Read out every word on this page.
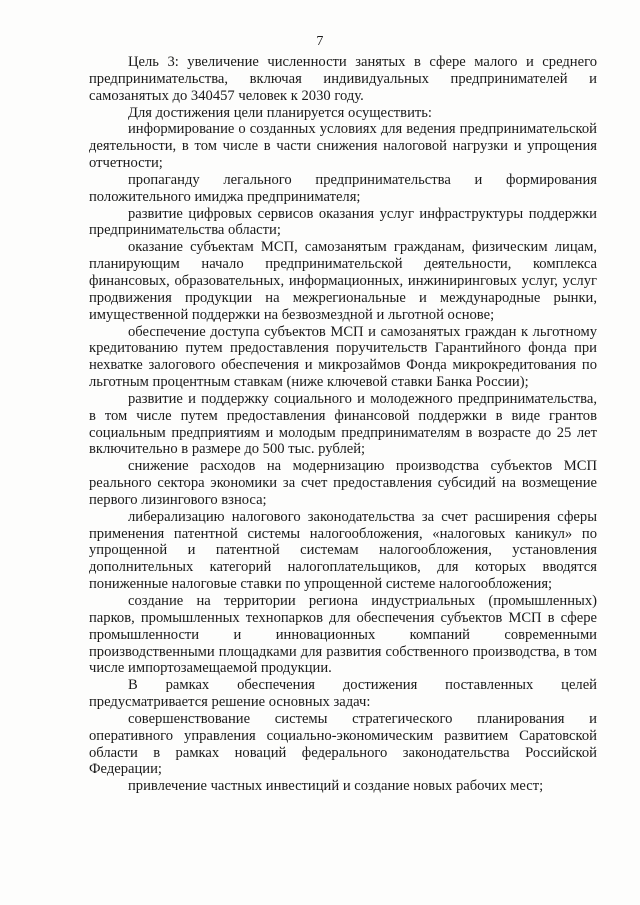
7

Цель 3: увеличение численности занятых в сфере малого и среднего предпринимательства, включая индивидуальных предпринимателей и самозанятых до 340457 человек к 2030 году.

Для достижения цели планируется осуществить:

информирование о созданных условиях для ведения предпринимательской деятельности, в том числе в части снижения налоговой нагрузки и упрощения отчетности;

пропаганду легального предпринимательства и формирования положительного имиджа предпринимателя;

развитие цифровых сервисов оказания услуг инфраструктуры поддержки предпринимательства области;

оказание субъектам МСП, самозанятым гражданам, физическим лицам, планирующим начало предпринимательской деятельности, комплекса финансовых, образовательных, информационных, инжиниринговых услуг, услуг продвижения продукции на межрегиональные и международные рынки, имущественной поддержки на безвозмездной и льготной основе;

обеспечение доступа субъектов МСП и самозанятых граждан к льготному кредитованию путем предоставления поручительств Гарантийного фонда при нехватке залогового обеспечения и микрозаймов Фонда микрокредитования по льготным процентным ставкам (ниже ключевой ставки Банка России);

развитие и поддержку социального и молодежного предпринимательства, в том числе путем предоставления финансовой поддержки в виде грантов социальным предприятиям и молодым предпринимателям в возрасте до 25 лет включительно в размере до 500 тыс. рублей;

снижение расходов на модернизацию производства субъектов МСП реального сектора экономики за счет предоставления субсидий на возмещение первого лизингового взноса;

либерализацию налогового законодательства за счет расширения сферы применения патентной системы налогообложения, «налоговых каникул» по упрощенной и патентной системам налогообложения, установления дополнительных категорий налогоплательщиков, для которых вводятся пониженные налоговые ставки по упрощенной системе налогообложения;

создание на территории региона индустриальных (промышленных) парков, промышленных технопарков для обеспечения субъектов МСП в сфере промышленности и инновационных компаний современными производственными площадками для развития собственного производства, в том числе импортозамещаемой продукции.

В рамках обеспечения достижения поставленных целей предусматривается решение основных задач:

совершенствование системы стратегического планирования и оперативного управления социально-экономическим развитием Саратовской области в рамках новаций федерального законодательства Российской Федерации;

привлечение частных инвестиций и создание новых рабочих мест;
